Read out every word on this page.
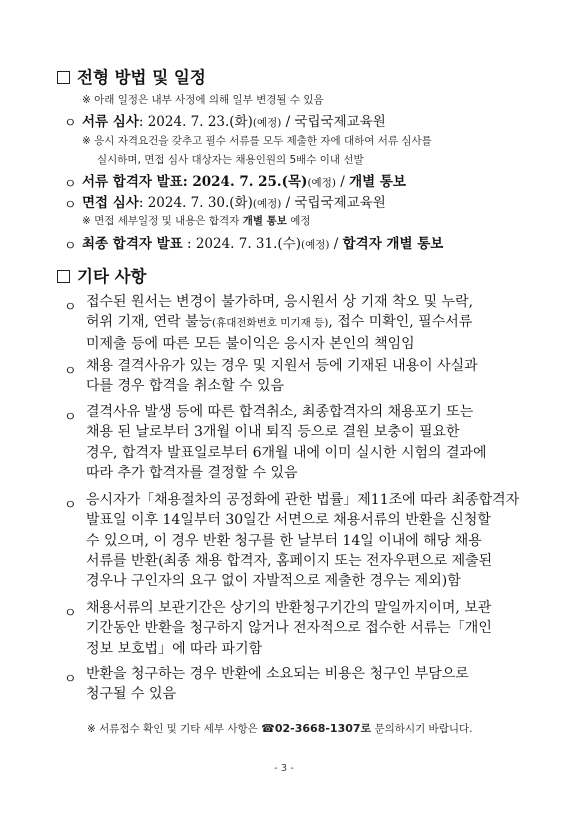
전형 방법 및 일정
※ 아래 일정은 내부 사정에 의해 일부 변경될 수 있음
ㅇ 서류 심사: 2024. 7. 23.(화)(예정) / 국립국제교육원
※ 응시 자격요건을 갖추고 필수 서류를 모두 제출한 자에 대하여 서류 심사를
실시하며, 면접 심사 대상자는 채용인원의 5배수 이내 선발
ㅇ 서류 합격자 발표: 2024. 7. 25.(목)(예정) / 개별 통보
ㅇ 면접 심사: 2024. 7. 30.(화)(예정) / 국립국제교육원
※ 면접 세부일정 및 내용은 합격자 개별 통보 예정
ㅇ 최종 합격자 발표 : 2024. 7. 31.(수)(예정) / 합격자 개별 통보
기타 사항
ㅇ 접수된 원서는 변경이 불가하며, 응시원서 상 기재 착오 및 누락,
허위 기재, 연락 불능(휴대전화번호 미기재 등), 접수 미확인, 필수서류
미제출 등에 따른 모든 불이익은 응시자 본인의 책임임
ㅇ 채용 결격사유가 있는 경우 및 지원서 등에 기재된 내용이 사실과
다를 경우 합격을 취소할 수 있음
ㅇ 결격사유 발생 등에 따른 합격취소, 최종합격자의 채용포기 또는
채용 된 날로부터 3개월 이내 퇴직 등으로 결원 보충이 필요한
경우, 합격자 발표일로부터 6개월 내에 이미 실시한 시험의 결과에
따라 추가 합격자를 결정할 수 있음
ㅇ 응시자가「채용절차의 공정화에 관한 법률」제11조에 따라 최종합격자
발표일 이후 14일부터 30일간 서면으로 채용서류의 반환을 신청할
수 있으며, 이 경우 반환 청구를 한 날부터 14일 이내에 해당 채용
서류를 반환(최종 채용 합격자, 홈페이지 또는 전자우편으로 제출된
경우나 구인자의 요구 없이 자발적으로 제출한 경우는 제외)함
ㅇ 채용서류의 보관기간은 상기의 반환청구기간의 말일까지이며, 보관
기간동안 반환을 청구하지 않거나 전자적으로 접수한 서류는「개인
정보 보호법」에 따라 파기함
ㅇ 반환을 청구하는 경우 반환에 소요되는 비용은 청구인 부담으로
청구될 수 있음
※ 서류접수 확인 및 기타 세부 사항은 ☎02-3668-1307로 문의하시기 바랍니다.
- 3 -
